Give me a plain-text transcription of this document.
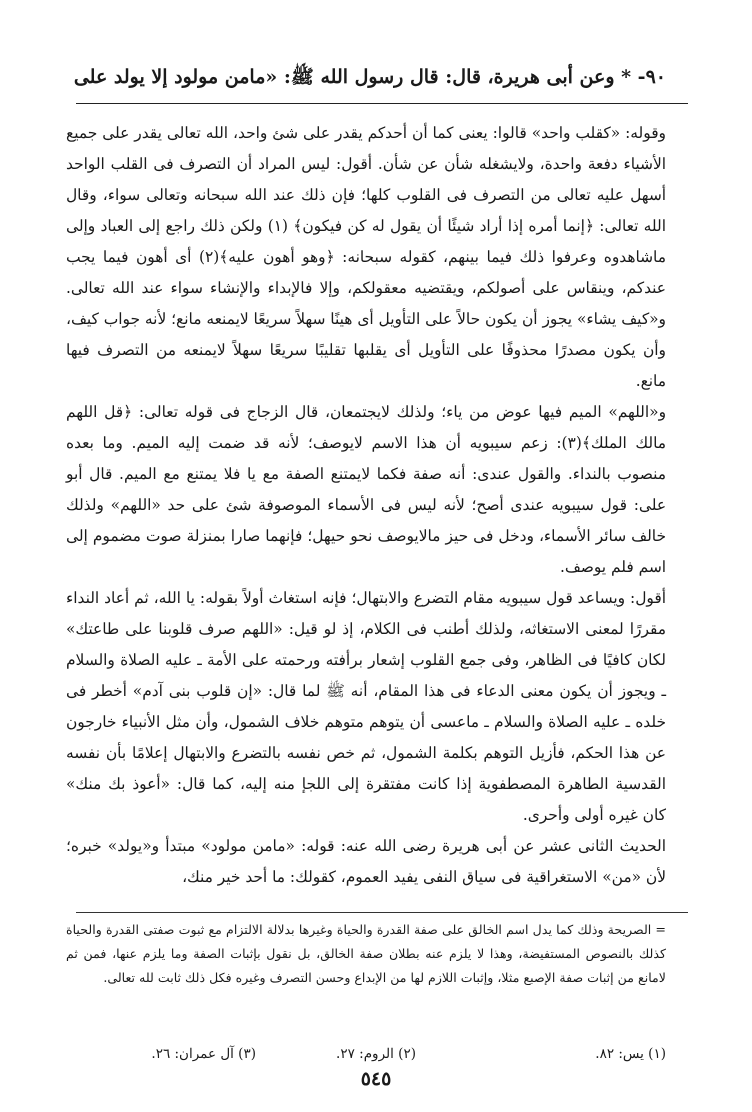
٩٠- * وعن أبى هريرة، قال: قال رسول الله ﷺ: «مامن مولود إلا يولد على

وقوله: «كقلب واحد» قالوا: يعنى كما أن أحدكم يقدر على شئ واحد، الله تعالى يقدر على جميع الأشياء دفعة واحدة، ولايشغله شأن عن شأن. أقول: ليس المراد أن التصرف فى القلب الواحد أسهل عليه تعالى من التصرف فى القلوب كلها؛ فإن ذلك عند الله سبحانه وتعالى سواء، وقال الله تعالى: ﴿إنما أمره إذا أراد شيئًا أن يقول له كن فيكون﴾ (١) ولكن ذلك راجع إلى العباد وإلى ماشاهدوه وعرفوا ذلك فيما بينهم، كقوله سبحانه: ﴿وهو أهون عليه﴾(٢) أى أهون فيما يجب عندكم، وينقاس على أصولكم، ويقتضيه معقولكم، وإلا فالإبداء والإنشاء سواء عند الله تعالى. و«كيف يشاء» يجوز أن يكون حالاً على التأويل أى هينًا سهلاً سريعًا لايمنعه مانع؛ لأنه جواب كيف، وأن يكون مصدرًا محذوفًا على التأويل أى يقلبها تقليبًا سريعًا سهلاً لايمنعه من التصرف فيها مانع.

و«اللهم» الميم فيها عوض من ياء؛ ولذلك لايجتمعان، قال الزجاج فى قوله تعالى: ﴿قل اللهم مالك الملك﴾(٣): زعم سيبويه أن هذا الاسم لايوصف؛ لأنه قد ضمت إليه الميم. وما بعده منصوب بالنداء. والقول عندى: أنه صفة فكما لايمتنع الصفة مع يا فلا يمتنع مع الميم. قال أبو على: قول سيبويه عندى أصح؛ لأنه ليس فى الأسماء الموصوفة شئ على حد «اللهم» ولذلك خالف سائر الأسماء، ودخل فى حيز مالايوصف نحو حيهل؛ فإنهما صارا بمنزلة صوت مضموم إلى اسم فلم يوصف.

أقول: ويساعد قول سيبويه مقام التضرع والابتهال؛ فإنه استغاث أولاً بقوله: يا الله، ثم أعاد النداء مقررًا لمعنى الاستغاثه، ولذلك أطنب فى الكلام، إذ لو قيل: «اللهم صرف قلوبنا على طاعتك» لكان كافيًا فى الظاهر، وفى جمع القلوب إشعار برأفته ورحمته على الأمة ـ عليه الصلاة والسلام ـ ويجوز أن يكون معنى الدعاء فى هذا المقام، أنه ﷺ لما قال: «إن قلوب بنى آدم» أخطر فى خلده ـ عليه الصلاة والسلام ـ ماعسى أن يتوهم متوهم خلاف الشمول، وأن مثل الأنبياء خارجون عن هذا الحكم، فأزيل التوهم بكلمة الشمول، ثم خص نفسه بالتضرع والابتهال إعلامًا بأن نفسه القدسية الطاهرة المصطفوية إذا كانت مفتقرة إلى اللجإ منه إليه، كما قال: «أعوذ بك منك» كان غيره أولى وأحرى.

الحديث الثانى عشر عن أبى هريرة رضى الله عنه: قوله: «مامن مولود» مبتدأ و«يولد» خبره؛ لأن «من» الاستغراقية فى سياق النفى يفيد العموم، كقولك: ما أحد خير منك،

= الصريحة وذلك كما يدل اسم الخالق على صفة القدرة والحياة وغيرها بدلالة الالتزام مع ثبوت صفتى القدرة والحياة كذلك بالنصوص المستفيضة، وهذا لا يلزم عنه بطلان صفة الخالق، بل نقول بإثبات الصفة وما يلزم عنها، فمن ثم لامانع من إثبات صفة الإصبع مثلا، وإثبات اللازم لها من الإبداع وحسن التصرف وغيره فكل ذلك ثابت لله تعالى.
(١) يس: ٨٢.
(٢) الروم: ٢٧.
(٣) آل عمران: ٢٦.
٥٤٥
